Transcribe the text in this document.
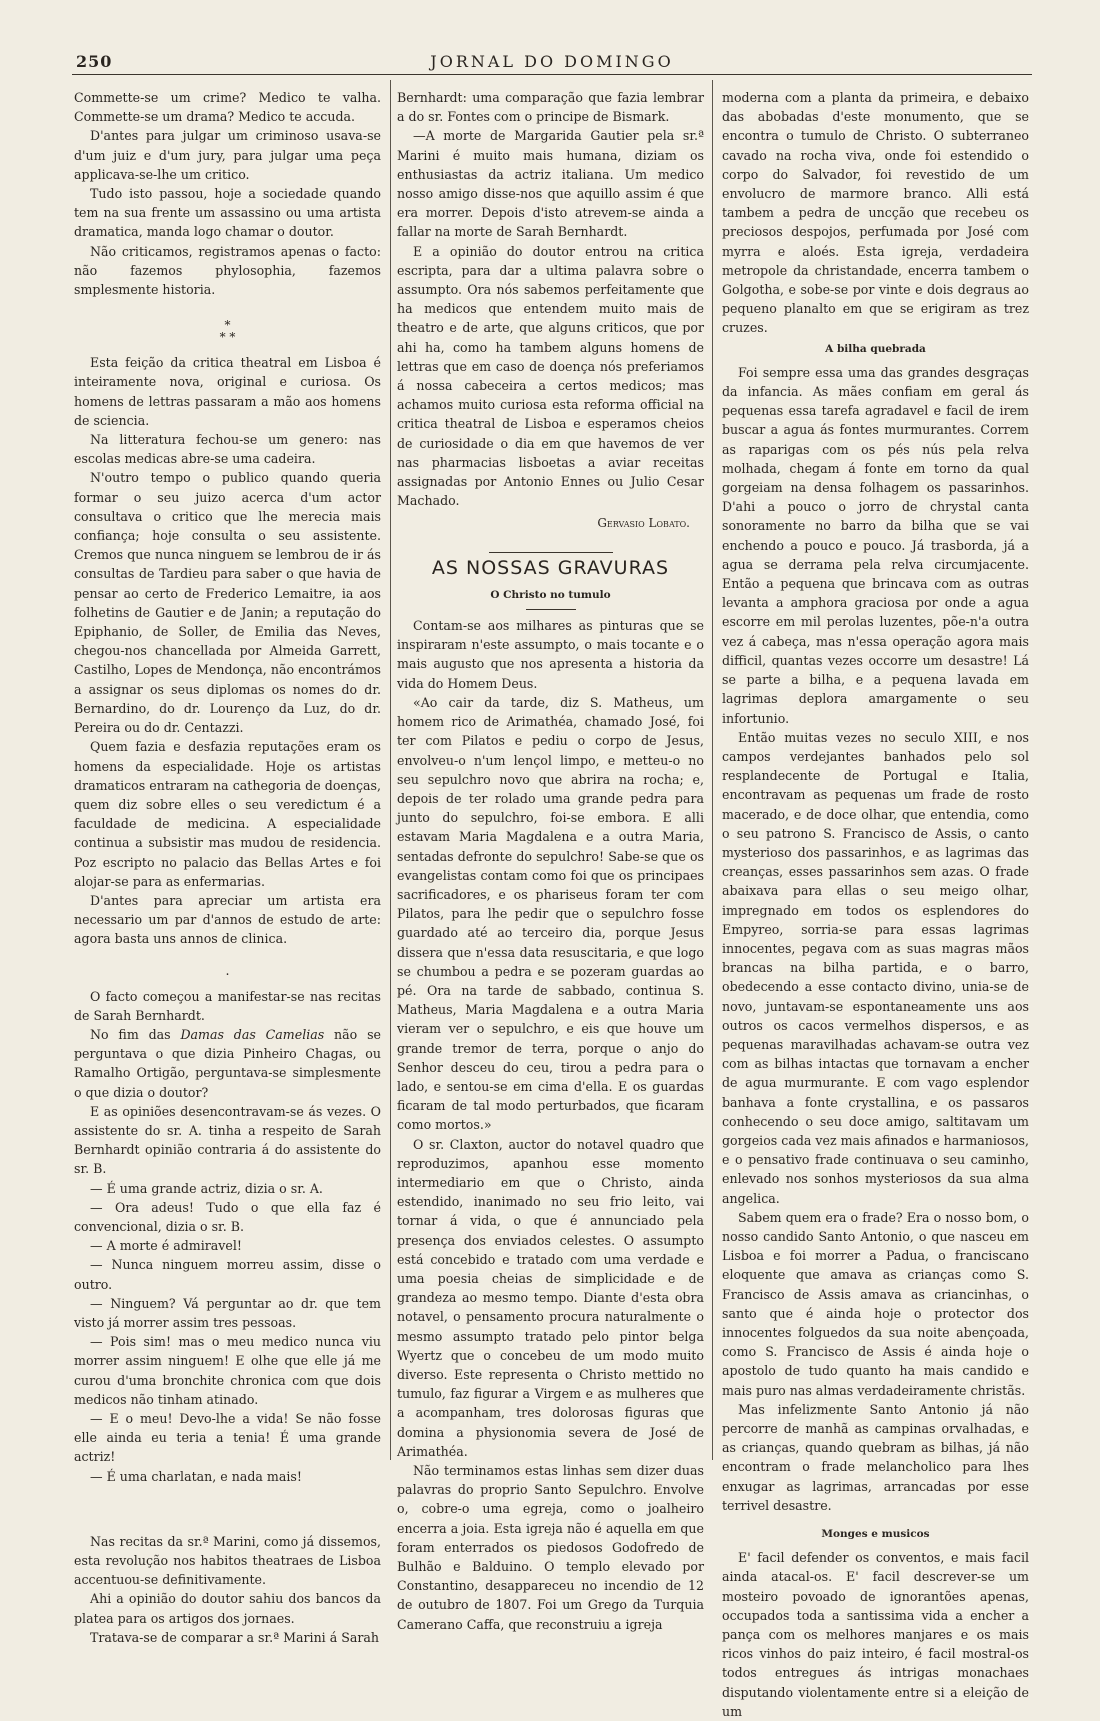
250	JORNAL DO DOMINGO

Commette-se um crime? Medico te valha. Commette-se um drama? Medico te accuda.

D'antes para julgar um criminoso usava-se d'um juiz e d'um jury, para julgar uma peça applicava-se-lhe um critico.

Tudo isto passou, hoje a sociedade quando tem na sua frente um assassino ou uma artista dramatica, manda logo chamar o doutor.

Não criticamos, registramos apenas o facto: não fazemos phylosophia, fazemos smplesmente historia.

*
* *

Esta feição da critica theatral em Lisboa é inteiramente nova, original e curiosa. Os homens de lettras passaram a mão aos homens de sciencia.

Na litteratura fechou-se um genero: nas escolas medicas abre-se uma cadeira.

N'outro tempo o publico quando queria formar o seu juizo acerca d'um actor consultava o critico que lhe merecia mais confiança; hoje consulta o seu assistente. Cremos que nunca ninguem se lembrou de ir ás consultas de Tardieu para saber o que havia de pensar ao certo de Frederico Lemaitre, ia aos folhetins de Gautier e de Janin; a reputação do Epiphanio, de Soller, de Emilia das Neves, chegou-nos chancellada por Almeida Garrett, Castilho, Lopes de Mendonça, não encontrámos a assignar os seus diplomas os nomes do dr. Bernardino, do dr. Lourenço da Luz, do dr. Pereira ou do dr. Centazzi.

Quem fazia e desfazia reputações eram os homens da especialidade. Hoje os artistas dramaticos entraram na cathegoria de doenças, quem diz sobre elles o seu veredictum é a faculdade de medicina. A especialidade continua a subsistir mas mudou de residencia. Poz escripto no palacio das Bellas Artes e foi alojar-se para as enfermarias.

D'antes para apreciar um artista era necessario um par d'annos de estudo de arte: agora basta uns annos de clinica.

.

O facto começou a manifestar-se nas recitas de Sarah Bernhardt.

No fim das Damas das Camelias não se perguntava o que dizia Pinheiro Chagas, ou Ramalho Ortigão, perguntava-se simplesmente o que dizia o doutor?

E as opiniões desencontravam-se ás vezes. O assistente do sr. A. tinha a respeito de Sarah Bernhardt opinião contraria á do assistente do sr. B.

— É uma grande actriz, dizia o sr. A.

— Ora adeus! Tudo o que ella faz é convencional, dizia o sr. B.

— A morte é admiravel!

— Nunca ninguem morreu assim, disse o outro.

— Ninguem? Vá perguntar ao dr. que tem visto já morrer assim tres pessoas.

— Pois sim! mas o meu medico nunca viu morrer assim ninguem! E olhe que elle já me curou d'uma bronchite chronica com que dois medicos não tinham atinado.

— E o meu! Devo-lhe a vida! Se não fosse elle ainda eu teria a tenia! É uma grande actriz!

— É uma charlatan, e nada mais!

Nas recitas da sr.ª Marini, como já dissemos, esta revolução nos habitos theatraes de Lisboa accentuou-se definitivamente.

Ahi a opinião do doutor sahiu dos bancos da platea para os artigos dos jornaes.

Tratava-se de comparar a sr.ª Marini á Sarah

Bernhardt: uma comparação que fazia lembrar a do sr. Fontes com o principe de Bismark.

—A morte de Margarida Gautier pela sr.ª Marini é muito mais humana, diziam os enthusiastas da actriz italiana. Um medico nosso amigo disse-nos que aquillo assim é que era morrer. Depois d'isto atrevem-se ainda a fallar na morte de Sarah Bernhardt.

E a opinião do doutor entrou na critica escripta, para dar a ultima palavra sobre o assumpto. Ora nós sabemos perfeitamente que ha medicos que entendem muito mais de theatro e de arte, que alguns criticos, que por ahi ha, como ha tambem alguns homens de lettras que em caso de doença nós preferiamos á nossa cabeceira a certos medicos; mas achamos muito curiosa esta reforma official na critica theatral de Lisboa e esperamos cheios de curiosidade o dia em que havemos de ver nas pharmacias lisboetas a aviar receitas assignadas por Antonio Ennes ou Julio Cesar Machado.

Gervasio Lobato.

AS NOSSAS GRAVURAS
O Christo no tumulo

Contam-se aos milhares as pinturas que se inspiraram n'este assumpto, o mais tocante e o mais augusto que nos apresenta a historia da vida do Homem Deus.

«Ao cair da tarde, diz S. Matheus, um homem rico de Arimathéa, chamado José, foi ter com Pilatos e pediu o corpo de Jesus, envolveu-o n'um lençol limpo, e metteu-o no seu sepulchro novo que abrira na rocha; e, depois de ter rolado uma grande pedra para junto do sepulchro, foi-se embora. E alli estavam Maria Magdalena e a outra Maria, sentadas defronte do sepulchro! Sabe-se que os evangelistas contam como foi que os principaes sacrificadores, e os phariseus foram ter com Pilatos, para lhe pedir que o sepulchro fosse guardado até ao terceiro dia, porque Jesus dissera que n'essa data resuscitaria, e que logo se chumbou a pedra e se pozeram guardas ao pé. Ora na tarde de sabbado, continua S. Matheus, Maria Magdalena e a outra Maria vieram ver o sepulchro, e eis que houve um grande tremor de terra, porque o anjo do Senhor desceu do ceu, tirou a pedra para o lado, e sentou-se em cima d'ella. E os guardas ficaram de tal modo perturbados, que ficaram como mortos.»

O sr. Claxton, auctor do notavel quadro que reproduzimos, apanhou esse momento intermediario em que o Christo, ainda estendido, inanimado no seu frio leito, vai tornar á vida, o que é annunciado pela presença dos enviados celestes. O assumpto está concebido e tratado com uma verdade e uma poesia cheias de simplicidade e de grandeza ao mesmo tempo. Diante d'esta obra notavel, o pensamento procura naturalmente o mesmo assumpto tratado pelo pintor belga Wyertz que o concebeu de um modo muito diverso. Este representa o Christo mettido no tumulo, faz figurar a Virgem e as mulheres que a acompanham, tres dolorosas figuras que domina a physionomia severa de José de Arimathéa.

Não terminamos estas linhas sem dizer duas palavras do proprio Santo Sepulchro. Envolve o, cobre-o uma egreja, como o joalheiro encerra a joia. Esta igreja não é aquella em que foram enterrados os piedosos Godofredo de Bulhão e Balduino. O templo elevado por Constantino, desappareceu no incendio de 12 de outubro de 1807. Foi um Grego da Turquia Camerano Caffa, que reconstruiu a igreja

moderna com a planta da primeira, e debaixo das abobadas d'este monumento, que se encontra o tumulo de Christo. O subterraneo cavado na rocha viva, onde foi estendido o corpo do Salvador, foi revestido de um envolucro de marmore branco. Alli está tambem a pedra de uncção que recebeu os preciosos despojos, perfumada por José com myrra e aloés. Esta igreja, verdadeira metropole da christandade, encerra tambem o Golgotha, e sobe-se por vinte e dois degraus ao pequeno planalto em que se erigiram as trez cruzes.

A bilha quebrada

Foi sempre essa uma das grandes desgraças da infancia. As mães confiam em geral ás pequenas essa tarefa agradavel e facil de irem buscar a agua ás fontes murmurantes. Correm as raparigas com os pés nús pela relva molhada, chegam á fonte em torno da qual gorgeiam na densa folhagem os passarinhos. D'ahi a pouco o jorro de chrystal canta sonoramente no barro da bilha que se vai enchendo a pouco e pouco. Já trasborda, já a agua se derrama pela relva circumjacente. Então a pequena que brincava com as outras levanta a amphora graciosa por onde a agua escorre em mil perolas luzentes, põe-n'a outra vez á cabeça, mas n'essa operação agora mais difficil, quantas vezes occorre um desastre! Lá se parte a bilha, e a pequena lavada em lagrimas deplora amargamente o seu infortunio.

Então muitas vezes no seculo XIII, e nos campos verdejantes banhados pelo sol resplandecente de Portugal e Italia, encontravam as pequenas um frade de rosto macerado, e de doce olhar, que entendia, como o seu patrono S. Francisco de Assis, o canto mysterioso dos passarinhos, e as lagrimas das creanças, esses passarinhos sem azas. O frade abaixava para ellas o seu meigo olhar, impregnado em todos os esplendores do Empyreo, sorria-se para essas lagrimas innocentes, pegava com as suas magras mãos brancas na bilha partida, e o barro, obedecendo a esse contacto divino, unia-se de novo, juntavam-se espontaneamente uns aos outros os cacos vermelhos dispersos, e as pequenas maravilhadas achavam-se outra vez com as bilhas intactas que tornavam a encher de agua murmurante. E com vago esplendor banhava a fonte crystallina, e os passaros conhecendo o seu doce amigo, saltitavam um gorgeios cada vez mais afinados e harmaniosos, e o pensativo frade continuava o seu caminho, enlevado nos sonhos mysteriosos da sua alma angelica.

Sabem quem era o frade? Era o nosso bom, o nosso candido Santo Antonio, o que nasceu em Lisboa e foi morrer a Padua, o franciscano eloquente que amava as crianças como S. Francisco de Assis amava as criancinhas, o santo que é ainda hoje o protector dos innocentes folguedos da sua noite abençoada, como S. Francisco de Assis é ainda hoje o apostolo de tudo quanto ha mais candido e mais puro nas almas verdadeiramente christãs.

Mas infelizmente Santo Antonio já não percorre de manhã as campinas orvalhadas, e as crianças, quando quebram as bilhas, já não encontram o frade melancholico para lhes enxugar as lagrimas, arrancadas por esse terrivel desastre.

Monges e musicos

E' facil defender os conventos, e mais facil ainda atacal-os. E' facil descrever-se um mosteiro povoado de ignorantões apenas, occupados toda a santissima vida a encher a pança com os melhores manjares e os mais ricos vinhos do paiz inteiro, é facil mostral-os todos entregues ás intrigas monachaes disputando violentamente entre si a eleição de um
